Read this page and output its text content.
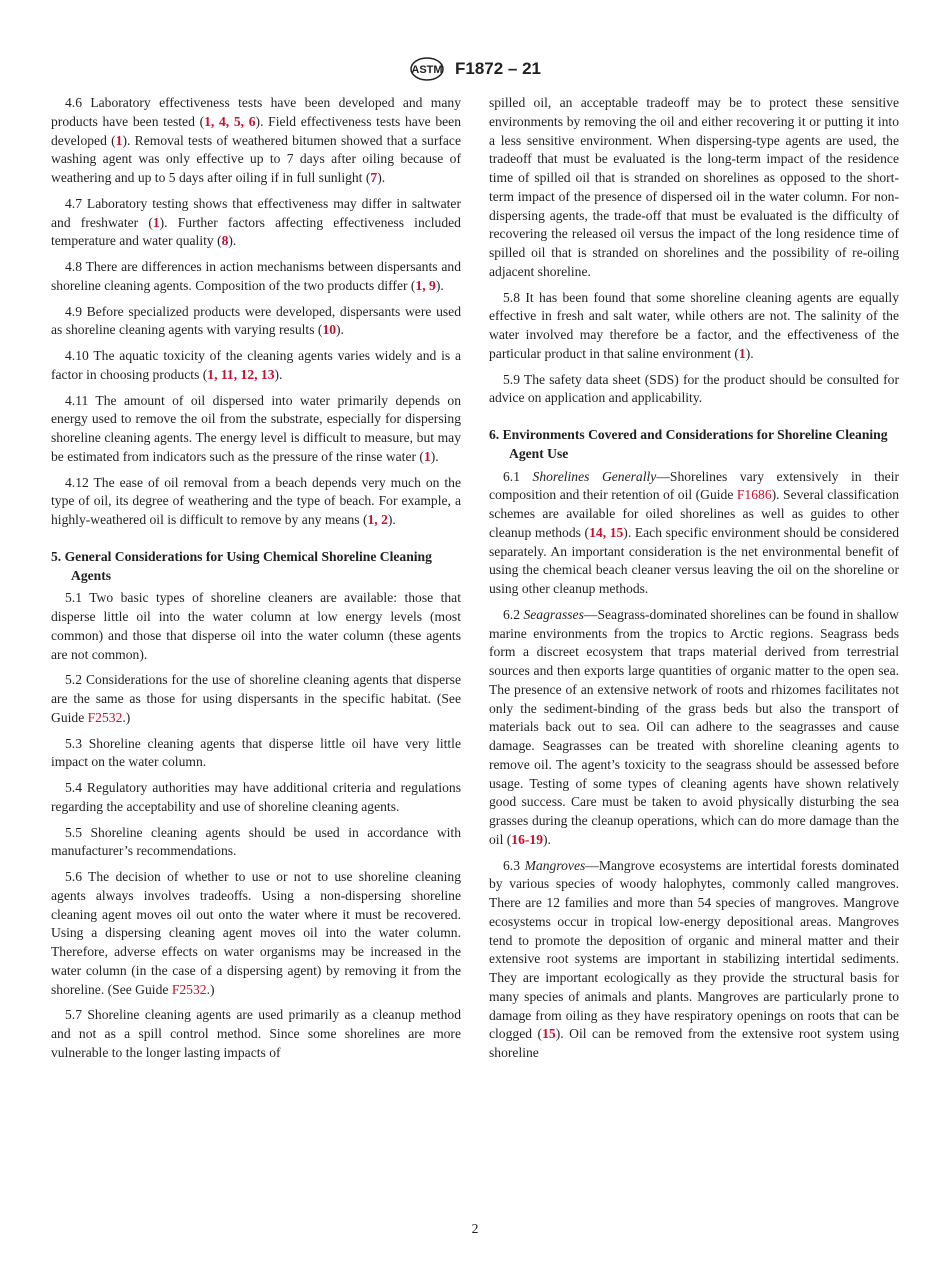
ASTM F1872 – 21
4.6 Laboratory effectiveness tests have been developed and many products have been tested (1, 4, 5, 6). Field effectiveness tests have been developed (1). Removal tests of weathered bitumen showed that a surface washing agent was only effective up to 7 days after oiling because of weathering and up to 5 days after oiling if in full sunlight (7).
4.7 Laboratory testing shows that effectiveness may differ in saltwater and freshwater (1). Further factors affecting effectiveness included temperature and water quality (8).
4.8 There are differences in action mechanisms between dispersants and shoreline cleaning agents. Composition of the two products differ (1, 9).
4.9 Before specialized products were developed, dispersants were used as shoreline cleaning agents with varying results (10).
4.10 The aquatic toxicity of the cleaning agents varies widely and is a factor in choosing products (1, 11, 12, 13).
4.11 The amount of oil dispersed into water primarily depends on energy used to remove the oil from the substrate, especially for dispersing shoreline cleaning agents. The energy level is difficult to measure, but may be estimated from indicators such as the pressure of the rinse water (1).
4.12 The ease of oil removal from a beach depends very much on the type of oil, its degree of weathering and the type of beach. For example, a highly-weathered oil is difficult to remove by any means (1, 2).
5. General Considerations for Using Chemical Shoreline Cleaning Agents
5.1 Two basic types of shoreline cleaners are available: those that disperse little oil into the water column at low energy levels (most common) and those that disperse oil into the water column (these agents are not common).
5.2 Considerations for the use of shoreline cleaning agents that disperse are the same as those for using dispersants in the specific habitat. (See Guide F2532.)
5.3 Shoreline cleaning agents that disperse little oil have very little impact on the water column.
5.4 Regulatory authorities may have additional criteria and regulations regarding the acceptability and use of shoreline cleaning agents.
5.5 Shoreline cleaning agents should be used in accordance with manufacturer’s recommendations.
5.6 The decision of whether to use or not to use shoreline cleaning agents always involves tradeoffs. Using a non-dispersing shoreline cleaning agent moves oil out onto the water where it must be recovered. Using a dispersing cleaning agent moves oil into the water column. Therefore, adverse effects on water organisms may be increased in the water column (in the case of a dispersing agent) by removing it from the shoreline. (See Guide F2532.)
5.7 Shoreline cleaning agents are used primarily as a cleanup method and not as a spill control method. Since some shorelines are more vulnerable to the longer lasting impacts of
spilled oil, an acceptable tradeoff may be to protect these sensitive environments by removing the oil and either recovering it or putting it into a less sensitive environment. When dispersing-type agents are used, the tradeoff that must be evaluated is the long-term impact of the residence time of spilled oil that is stranded on shorelines as opposed to the short-term impact of the presence of dispersed oil in the water column. For non-dispersing agents, the trade-off that must be evaluated is the difficulty of recovering the released oil versus the impact of the long residence time of spilled oil that is stranded on shorelines and the possibility of re-oiling adjacent shoreline.
5.8 It has been found that some shoreline cleaning agents are equally effective in fresh and salt water, while others are not. The salinity of the water involved may therefore be a factor, and the effectiveness of the particular product in that saline environment (1).
5.9 The safety data sheet (SDS) for the product should be consulted for advice on application and applicability.
6. Environments Covered and Considerations for Shoreline Cleaning Agent Use
6.1 Shorelines Generally—Shorelines vary extensively in their composition and their retention of oil (Guide F1686). Several classification schemes are available for oiled shorelines as well as guides to other cleanup methods (14, 15). Each specific environment should be considered separately. An important consideration is the net environmental benefit of using the chemical beach cleaner versus leaving the oil on the shoreline or using other cleanup methods.
6.2 Seagrasses—Seagrass-dominated shorelines can be found in shallow marine environments from the tropics to Arctic regions. Seagrass beds form a discreet ecosystem that traps material derived from terrestrial sources and then exports large quantities of organic matter to the open sea. The presence of an extensive network of roots and rhizomes facilitates not only the sediment-binding of the grass beds but also the transport of materials back out to sea. Oil can adhere to the seagrasses and cause damage. Seagrasses can be treated with shoreline cleaning agents to remove oil. The agent’s toxicity to the seagrass should be assessed before usage. Testing of some types of cleaning agents have shown relatively good success. Care must be taken to avoid physically disturbing the sea grasses during the cleanup operations, which can do more damage than the oil (16-19).
6.3 Mangroves—Mangrove ecosystems are intertidal forests dominated by various species of woody halophytes, commonly called mangroves. There are 12 families and more than 54 species of mangroves. Mangrove ecosystems occur in tropical low-energy depositional areas. Mangroves tend to promote the deposition of organic and mineral matter and their extensive root systems are important in stabilizing intertidal sediments. They are important ecologically as they provide the structural basis for many species of animals and plants. Mangroves are particularly prone to damage from oiling as they have respiratory openings on roots that can be clogged (15). Oil can be removed from the extensive root system using shoreline
2
